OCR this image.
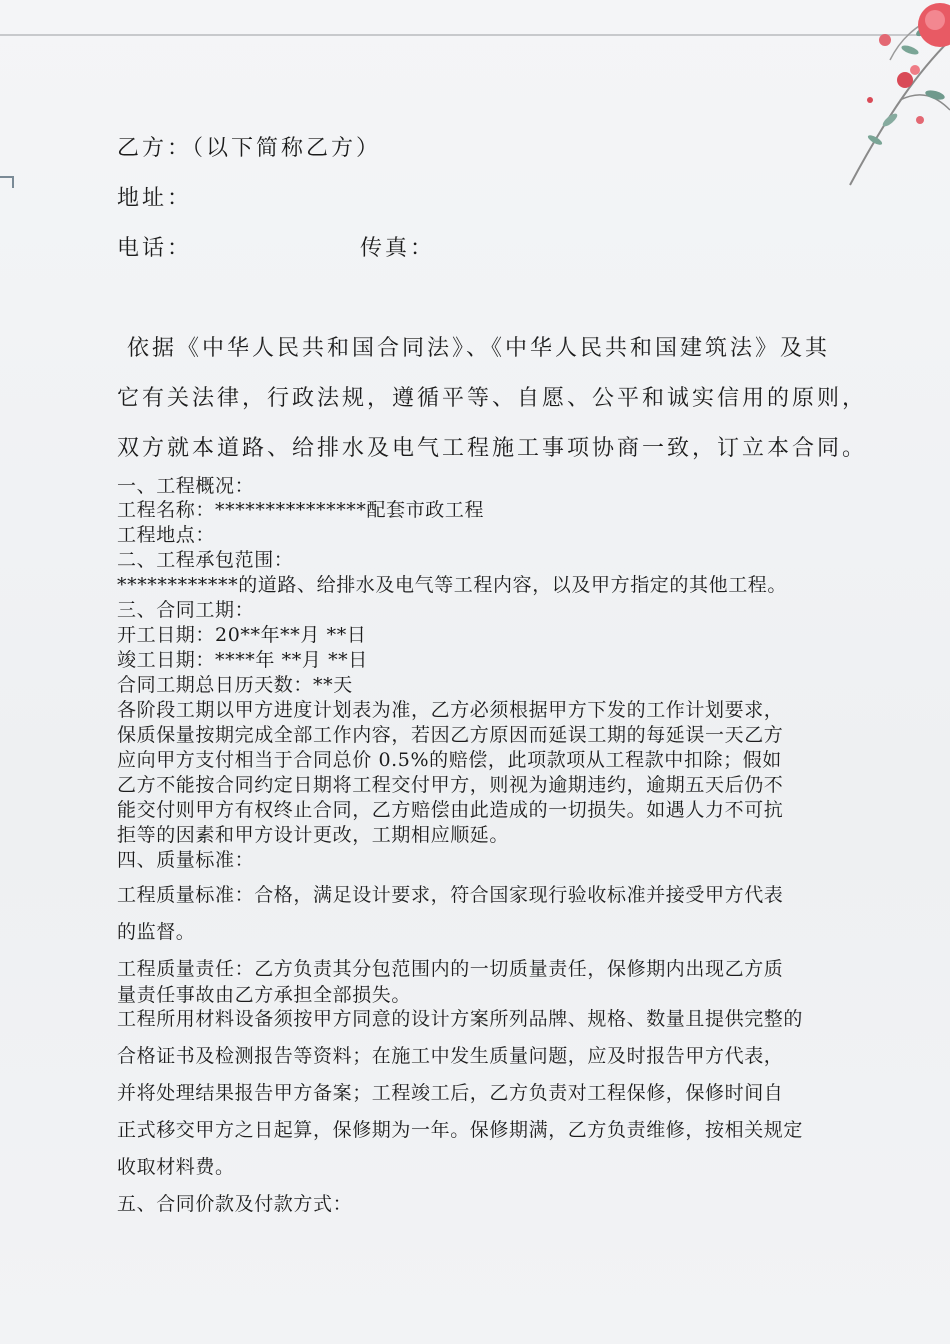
乙方：（以下简称乙方）
地址：
电话：	传真：
依据《中华人民共和国合同法》、《中华人民共和国建筑法》及其
它有关法律，行政法规，遵循平等、自愿、公平和诚实信用的原则，
双方就本道路、给排水及电气工程施工事项协商一致，订立本合同。
一、工程概况：
工程名称：***************配套市政工程
工程地点：
二、工程承包范围：
************的道路、给排水及电气等工程内容，以及甲方指定的其他工程。
三、合同工期：
开工日期：20**年**月 **日
竣工日期：****年 **月 **日
合同工期总日历天数：**天
各阶段工期以甲方进度计划表为准，乙方必须根据甲方下发的工作计划要求，
保质保量按期完成全部工作内容，若因乙方原因而延误工期的每延误一天乙方
应向甲方支付相当于合同总价 0.5%的赔偿，此项款项从工程款中扣除；假如
乙方不能按合同约定日期将工程交付甲方，则视为逾期违约，逾期五天后仍不
能交付则甲方有权终止合同，乙方赔偿由此造成的一切损失。如遇人力不可抗
拒等的因素和甲方设计更改，工期相应顺延。
四、质量标准：
工程质量标准：合格，满足设计要求，符合国家现行验收标准并接受甲方代表
的监督。
工程质量责任：乙方负责其分包范围内的一切质量责任，保修期内出现乙方质
量责任事故由乙方承担全部损失。
工程所用材料设备须按甲方同意的设计方案所列品牌、规格、数量且提供完整的
合格证书及检测报告等资料；在施工中发生质量问题，应及时报告甲方代表，
并将处理结果报告甲方备案；工程竣工后，乙方负责对工程保修，保修时间自
正式移交甲方之日起算，保修期为一年。保修期满，乙方负责维修，按相关规定
收取材料费。
五、合同价款及付款方式：
